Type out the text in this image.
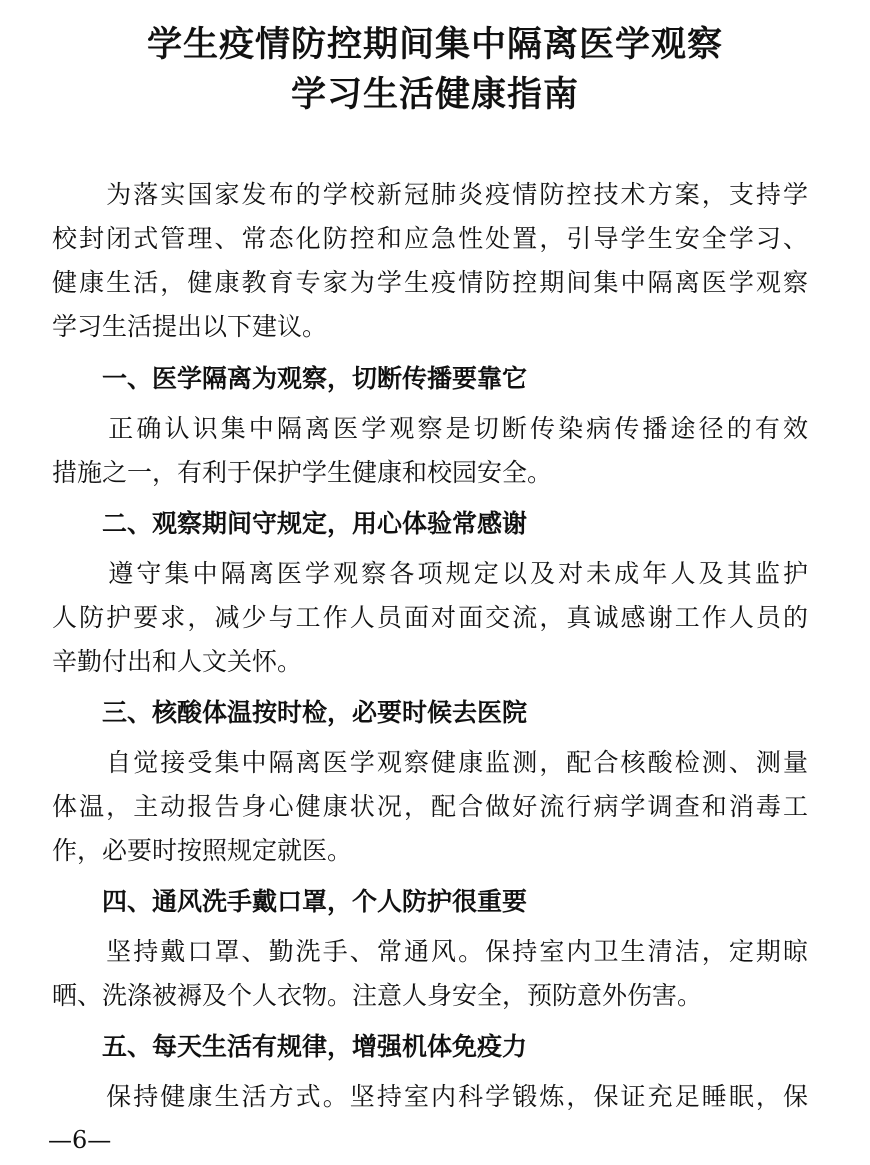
学生疫情防控期间集中隔离医学观察
学习生活健康指南
　　为落实国家发布的学校新冠肺炎疫情防控技术方案，支持学
校封闭式管理、常态化防控和应急性处置，引导学生安全学习、
健康生活，健康教育专家为学生疫情防控期间集中隔离医学观察
学习生活提出以下建议。
一、医学隔离为观察，切断传播要靠它
　　正确认识集中隔离医学观察是切断传染病传播途径的有效
措施之一，有利于保护学生健康和校园安全。
二、观察期间守规定，用心体验常感谢
　　遵守集中隔离医学观察各项规定以及对未成年人及其监护
人防护要求，减少与工作人员面对面交流，真诚感谢工作人员的
辛勤付出和人文关怀。
三、核酸体温按时检，必要时候去医院
　　自觉接受集中隔离医学观察健康监测，配合核酸检测、测量
体温，主动报告身心健康状况，配合做好流行病学调查和消毒工
作，必要时按照规定就医。
四、通风洗手戴口罩，个人防护很重要
　　坚持戴口罩、勤洗手、常通风。保持室内卫生清洁，定期晾
晒、洗涤被褥及个人衣物。注意人身安全，预防意外伤害。
五、每天生活有规律，增强机体免疫力
　　保持健康生活方式。坚持室内科学锻炼，保证充足睡眠，保
—6—
